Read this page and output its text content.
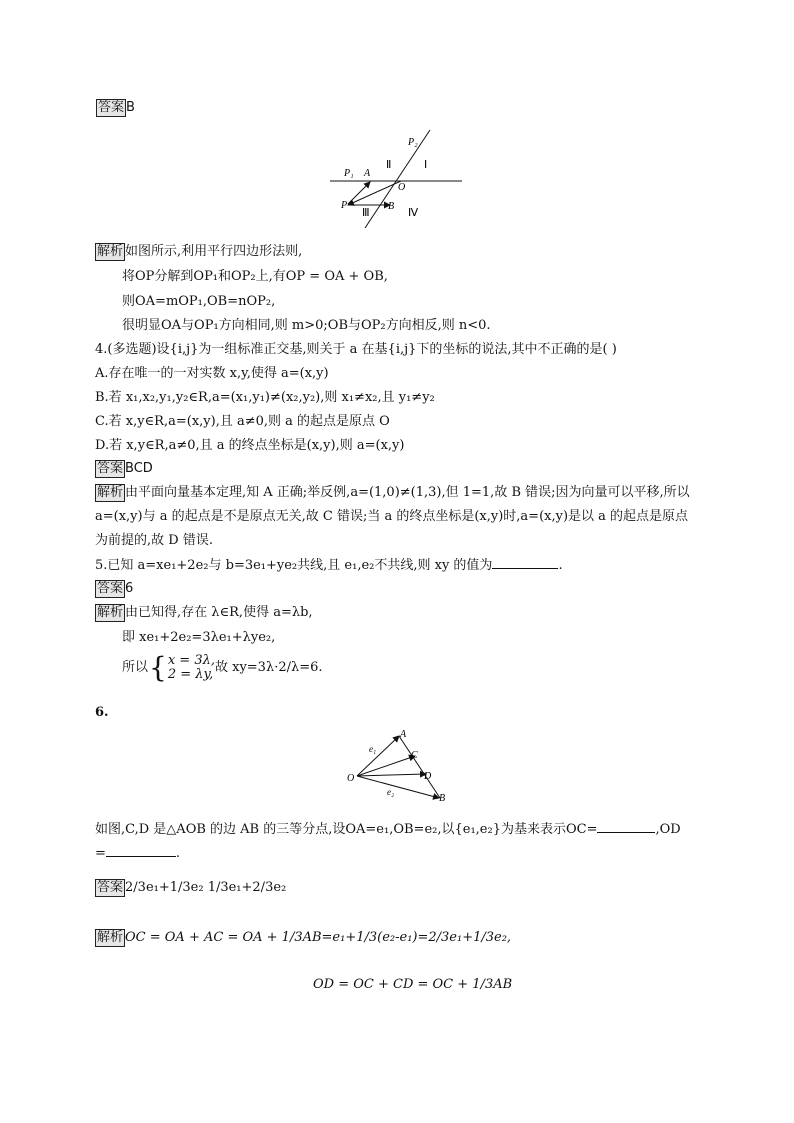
答案 B
P₂
Ⅰ
Ⅱ
P₁ A
O
P	B
Ⅲ	Ⅳ
解析 如图所示,利用平行四边形法则,
将OP分解到OP₁和OP₂上,有OP = OA + OB,
则OA=mOP₁,OB=nOP₂,
很明显OA与OP₁方向相同,则 m>0;OB与OP₂方向相反,则 n<0.
4.(多选题)设{i,j}为一组标准正交基,则关于 a 在基{i,j}下的坐标的说法,其中不正确的是( )
A.存在唯一的一对实数 x,y,使得 a=(x,y)
B.若 x₁,x₂,y₁,y₂∈R,a=(x₁,y₁)≠(x₂,y₂),则 x₁≠x₂,且 y₁≠y₂
C.若 x,y∈R,a=(x,y),且 a≠0,则 a 的起点是原点 O
D.若 x,y∈R,a≠0,且 a 的终点坐标是(x,y),则 a=(x,y)
答案 BCD
解析 由平面向量基本定理,知 A 正确;举反例,a=(1,0)≠(1,3),但 1=1,故 B 错误;因为向量可以平移,所以
a=(x,y)与 a 的起点是不是原点无关,故 C 错误;当 a 的终点坐标是(x,y)时,a=(x,y)是以 a 的起点是原点
为前提的,故 D 错误.
5.已知 a=xe₁+2e₂与 b=3e₁+ye₂共线,且 e₁,e₂不共线,则 xy 的值为	.
答案 6
解析 由已知得,存在 λ∈R,使得 a=λb,
即 xe₁+2e₂=3λe₁+λye₂,
所以 { x = 3λ,
2 = λy, 故 xy=3λ·2/λ=6.
6.
A
C
D
B
O
e₁
e₂
如图,C,D 是△AOB 的边 AB 的三等分点,设OA=e₁,OB=e₂,以{e₁,e₂}为基来表示OC=	,OD
=	.
答案 2/3e₁+1/3e₂ 1/3e₁+2/3e₂
解析 OC = OA + AC = OA + 1/3AB=e₁+1/3(e₂-e₁)=2/3e₁+1/3e₂,
OD = OC + CD = OC + 1/3AB
